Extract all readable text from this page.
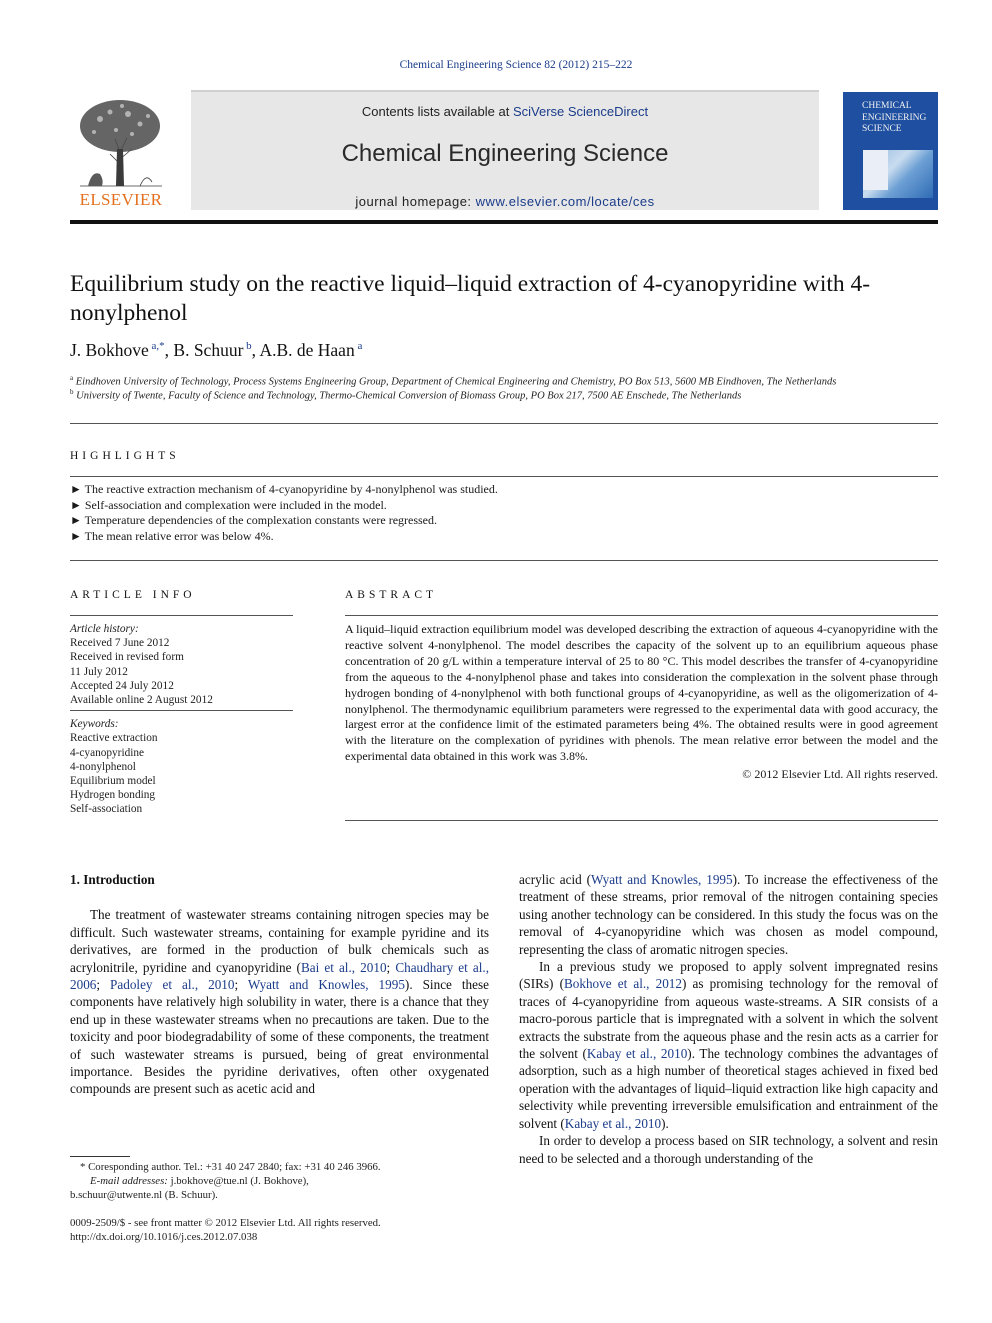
Chemical Engineering Science 82 (2012) 215–222
ELSEVIER
Contents lists available at SciVerse ScienceDirect
Chemical Engineering Science
journal homepage: www.elsevier.com/locate/ces
CHEMICAL
ENGINEERING
SCIENCE
Equilibrium study on the reactive liquid–liquid extraction of 4-cyanopyridine with 4-nonylphenol
J. Bokhove $^{a,*}$, B. Schuur $^b$, A.B. de Haan $^a$
$^a$ Eindhoven University of Technology, Process Systems Engineering Group, Department of Chemical Engineering and Chemistry, PO Box 513, 5600 MB Eindhoven, The Netherlands
$^b$ University of Twente, Faculty of Science and Technology, Thermo-Chemical Conversion of Biomass Group, PO Box 217, 7500 AE Enschede, The Netherlands
HIGHLIGHTS
► The reactive extraction mechanism of 4-cyanopyridine by 4-nonylphenol was studied.
► Self-association and complexation were included in the model.
► Temperature dependencies of the complexation constants were regressed.
► The mean relative error was below 4%.
ARTICLE INFO
Article history:
Received 7 June 2012
Received in revised form
11 July 2012
Accepted 24 July 2012
Available online 2 August 2012
Keywords:
Reactive extraction
4-cyanopyridine
4-nonylphenol
Equilibrium model
Hydrogen bonding
Self-association
ABSTRACT
A liquid–liquid extraction equilibrium model was developed describing the extraction of aqueous 4-cyanopyridine with the reactive solvent 4-nonylphenol. The model describes the capacity of the solvent up to an equilibrium aqueous phase concentration of 20 g/L within a temperature interval of 25 to 80 °C. This model describes the transfer of 4-cyanopyridine from the aqueous to the 4-nonylphenol phase and takes into consideration the complexation in the solvent phase through hydrogen bonding of 4-nonylphenol with both functional groups of 4-cyanopyridine, as well as the oligomerization of 4-nonylphenol. The thermodynamic equilibrium parameters were regressed to the experimental data with good accuracy, the largest error at the confidence limit of the estimated parameters being 4%. The obtained results were in good agreement with the literature on the complexation of pyridines with phenols. The mean relative error between the model and the experimental data obtained in this work was 3.8%.
© 2012 Elsevier Ltd. All rights reserved.
1. Introduction

The treatment of wastewater streams containing nitrogen species may be difficult. Such wastewater streams, containing for example pyridine and its derivatives, are formed in the production of bulk chemicals such as acrylonitrile, pyridine and cyanopyridine (Bai et al., 2010; Chaudhary et al., 2006; Padoley et al., 2010; Wyatt and Knowles, 1995). Since these components have relatively high solubility in water, there is a chance that they end up in these wastewater streams when no precautions are taken. Due to the toxicity and poor biodegradability of some of these components, the treatment of such wastewater streams is pursued, being of great environmental importance. Besides the pyridine derivatives, often other oxygenated compounds are present such as acetic acid and

acrylic acid (Wyatt and Knowles, 1995). To increase the effectiveness of the treatment of these streams, prior removal of the nitrogen containing species using another technology can be considered. In this study the focus was on the removal of 4-cyanopyridine which was chosen as model compound, representing the class of aromatic nitrogen species.

In a previous study we proposed to apply solvent impregnated resins (SIRs) (Bokhove et al., 2012) as promising technology for the removal of traces of 4-cyanopyridine from aqueous waste-streams. A SIR consists of a macro-porous particle that is impregnated with a solvent in which the solvent extracts the substrate from the aqueous phase and the resin acts as a carrier for the solvent (Kabay et al., 2010). The technology combines the advantages of adsorption, such as a high number of theoretical stages achieved in fixed bed operation with the advantages of liquid–liquid extraction like high capacity and selectivity while preventing irreversible emulsification and entrainment of the solvent (Kabay et al., 2010).

In order to develop a process based on SIR technology, a solvent and resin need to be selected and a thorough understanding of the

* Coresponding author. Tel.: +31 40 247 2840; fax: +31 40 246 3966.
E-mail addresses: j.bokhove@tue.nl (J. Bokhove),
b.schuur@utwente.nl (B. Schuur).
0009-2509/$ - see front matter © 2012 Elsevier Ltd. All rights reserved.
http://dx.doi.org/10.1016/j.ces.2012.07.038
